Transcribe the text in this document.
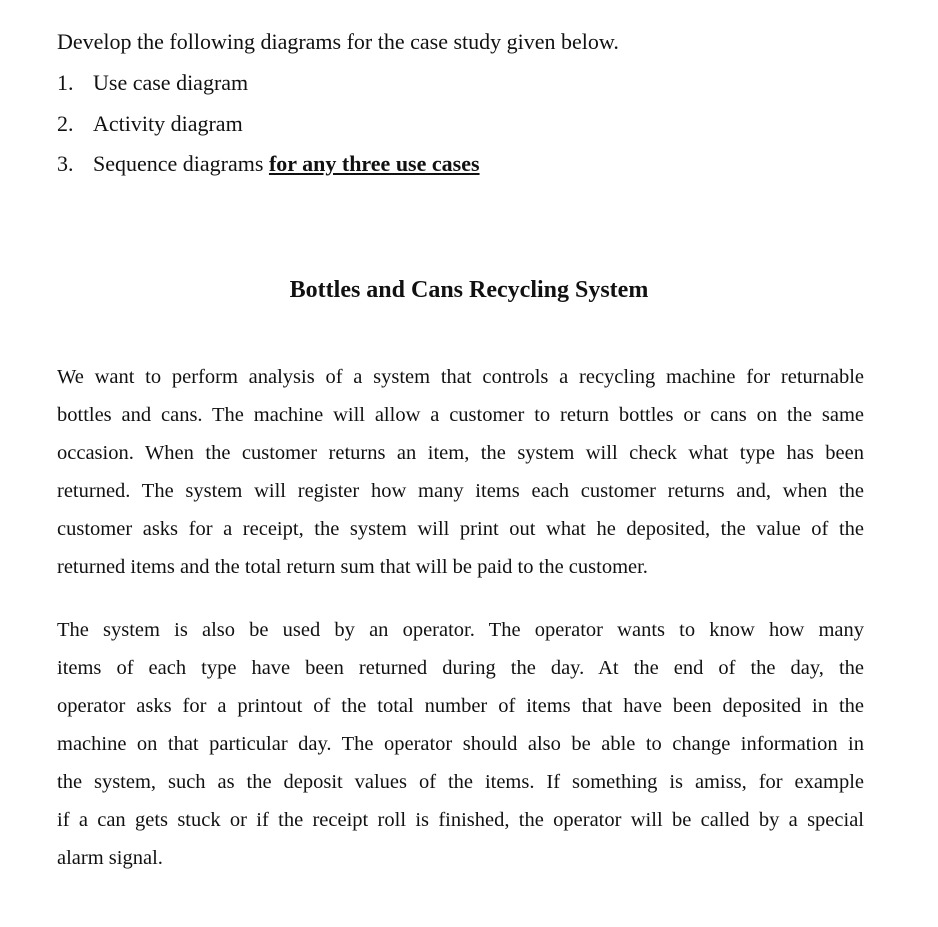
Develop the following diagrams for the case study given below.
1. Use case diagram
2. Activity diagram
3. Sequence diagrams for any three use cases
Bottles and Cans Recycling System
We want to perform analysis of a system that controls a recycling machine for returnable
bottles and cans. The machine will allow a customer to return bottles or cans on the same
occasion. When the customer returns an item, the system will check what type has been
returned. The system will register how many items each customer returns and, when the
customer asks for a receipt, the system will print out what he deposited, the value of the
returned items and the total return sum that will be paid to the customer.
The system is also be used by an operator. The operator wants to know how many
items of each type have been returned during the day. At the end of the day, the
operator asks for a printout of the total number of items that have been deposited in the
machine on that particular day. The operator should also be able to change information in
the system, such as the deposit values of the items. If something is amiss, for example
if a can gets stuck or if the receipt roll is finished, the operator will be called by a special
alarm signal.
